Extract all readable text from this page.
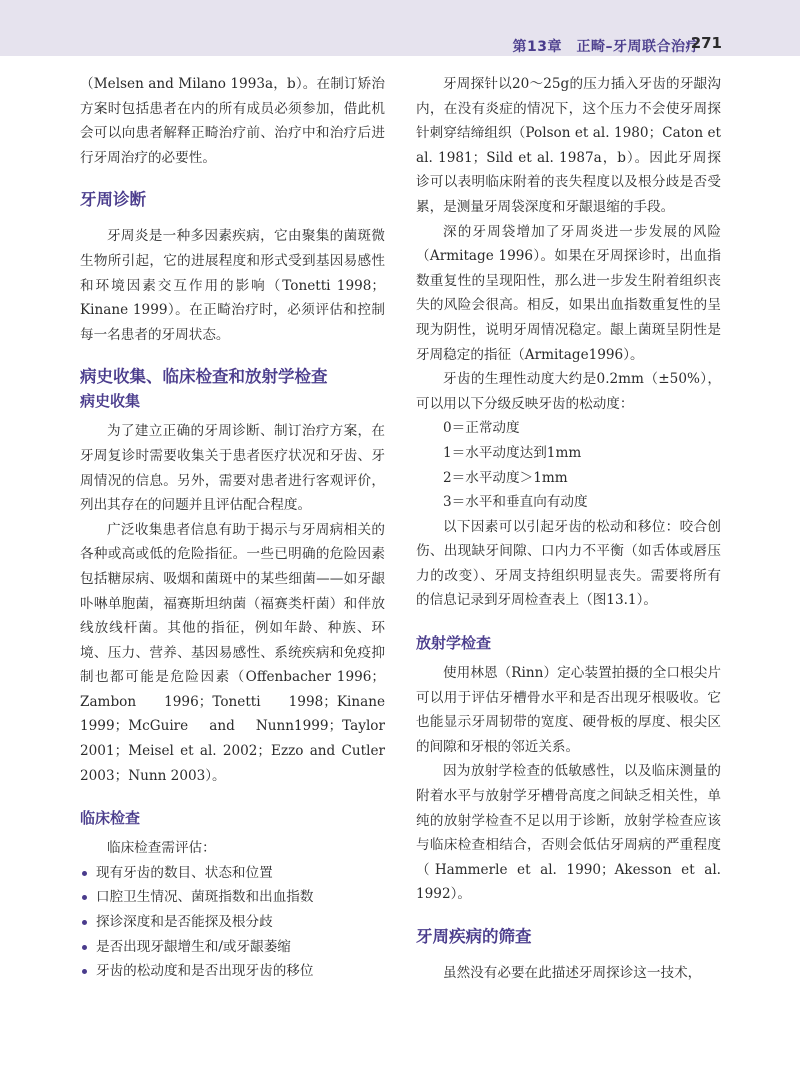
第13章　正畸–牙周联合治疗
271

（Melsen and Milano 1993a，b）。在制订矫治方案时包括患者在内的所有成员必须参加，借此机会可以向患者解释正畸治疗前、治疗中和治疗后进行牙周治疗的必要性。

牙周诊断

牙周炎是一种多因素疾病，它由聚集的菌斑微生物所引起，它的进展程度和形式受到基因易感性和环境因素交互作用的影响（Tonetti 1998；Kinane 1999）。在正畸治疗时，必须评估和控制每一名患者的牙周状态。

病史收集、临床检查和放射学检查
病史收集

为了建立正确的牙周诊断、制订治疗方案，在牙周复诊时需要收集关于患者医疗状况和牙齿、牙周情况的信息。另外，需要对患者进行客观评价，列出其存在的问题并且评估配合程度。

广泛收集患者信息有助于揭示与牙周病相关的各种或高或低的危险指征。一些已明确的危险因素包括糖尿病、吸烟和菌斑中的某些细菌——如牙龈卟啉单胞菌，福赛斯坦纳菌（福赛类杆菌）和伴放线放线杆菌。其他的指征，例如年龄、种族、环境、压力、营养、基因易感性、系统疾病和免疫抑制也都可能是危险因素（Offenbacher 1996；Zambon 1996；Tonetti 1998；Kinane 1999；McGuire and Nunn1999；Taylor 2001；Meisel et al. 2002；Ezzo and Cutler 2003；Nunn 2003）。

临床检查

临床检查需评估：

现有牙齿的数目、状态和位置
口腔卫生情况、菌斑指数和出血指数
探诊深度和是否能探及根分歧
是否出现牙龈增生和/或牙龈萎缩
牙齿的松动度和是否出现牙齿的移位

牙周探针以20～25g的压力插入牙齿的牙龈沟内，在没有炎症的情况下，这个压力不会使牙周探针刺穿结缔组织（Polson et al. 1980；Caton et al. 1981；Sild et al. 1987a，b）。因此牙周探诊可以表明临床附着的丧失程度以及根分歧是否受累，是测量牙周袋深度和牙龈退缩的手段。

深的牙周袋增加了牙周炎进一步发展的风险（Armitage 1996）。如果在牙周探诊时，出血指数重复性的呈现阳性，那么进一步发生附着组织丧失的风险会很高。相反，如果出血指数重复性的呈现为阴性，说明牙周情况稳定。龈上菌斑呈阴性是牙周稳定的指征（Armitage1996）。

牙齿的生理性动度大约是0.2mm（±50%），可以用以下分级反映牙齿的松动度：

0＝正常动度
1＝水平动度达到1mm
2＝水平动度＞1mm
3＝水平和垂直向有动度

以下因素可以引起牙齿的松动和移位：咬合创伤、出现缺牙间隙、口内力不平衡（如舌体或唇压力的改变）、牙周支持组织明显丧失。需要将所有的信息记录到牙周检查表上（图13.1）。

放射学检查

使用林恩（Rinn）定心装置拍摄的全口根尖片可以用于评估牙槽骨水平和是否出现牙根吸收。它也能显示牙周韧带的宽度、硬骨板的厚度、根尖区的间隙和牙根的邻近关系。

因为放射学检查的低敏感性，以及临床测量的附着水平与放射学牙槽骨高度之间缺乏相关性，单纯的放射学检查不足以用于诊断，放射学检查应该与临床检查相结合，否则会低估牙周病的严重程度（Hammerle et al. 1990；Akesson et al. 1992）。

牙周疾病的筛查

虽然没有必要在此描述牙周探诊这一技术，
